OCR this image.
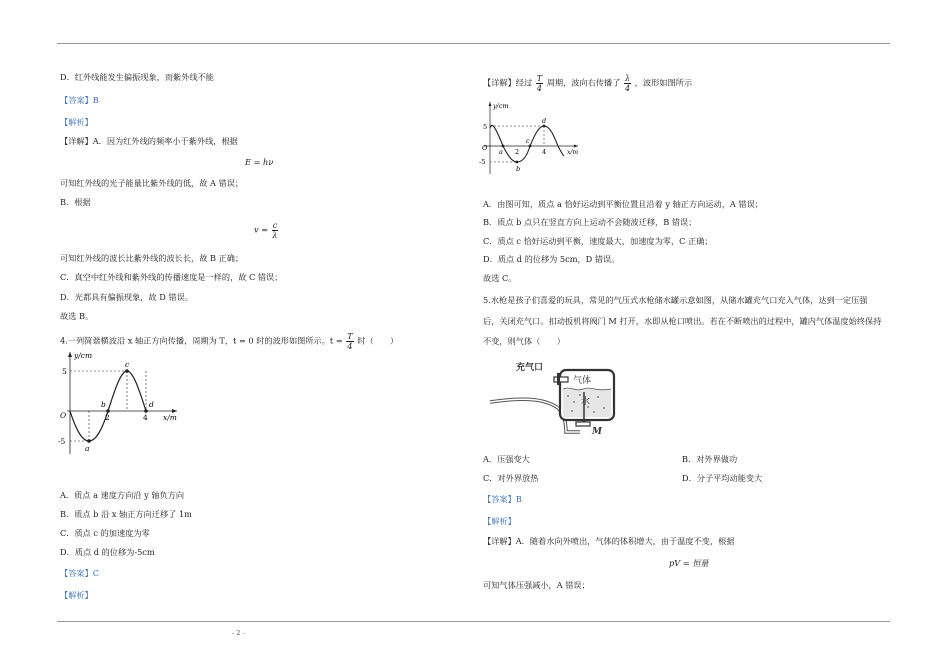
D．红外线能发生偏振现象，而紫外线不能
【答案】B
【解析】
【详解】A．因为红外线的频率小于紫外线，根据
E = hν
可知红外线的光子能量比紫外线的低，故 A 错误；
B．根据
$v = \frac{c}{\lambda}$
可知红外线的波长比紫外线的波长长，故 B 正确；
C．真空中红外线和紫外线的传播速度是一样的，故 C 错误；
D．光都具有偏振现象，故 D 错误。
故选 B。
4.一列简谐横波沿 x 轴正方向传播，周期为 T，t = 0 时的波形如图所示。$t = \frac{T}{4}$ 时（　　）
y/cm
x/m
O
5
-5
2	4
a
b
c
d
A．质点 a 速度方向沿 y 轴负方向
B．质点 b 沿 x 轴正方向迁移了 1m
C．质点 c 的加速度为零
D．质点 d 的位移为-5cm
【答案】C
【解析】
【详解】经过 $\frac{T}{4}$ 周期，波向右传播了 $\frac{\lambda}{4}$ ，波形如图所示
y/cm
x/m
O
5
-5
2	4
a
b
c
d
A．由图可知，质点 a 恰好运动到平衡位置且沿着 y 轴正方向运动，A 错误；
B．质点 b 点只在竖直方向上运动不会随波迁移，B 错误；
C．质点 c 恰好运动到平衡，速度最大，加速度为零，C 正确；
D．质点 d 的位移为 5cm，D 错误。
故选 C。
5.水枪是孩子们喜爱的玩具，常见的气压式水枪储水罐示意如图，从储水罐充气口充入气体，达到一定压强
后，关闭充气口。扣动扳机将阀门 M 打开，水即从枪口喷出。若在不断喷出的过程中，罐内气体温度始终保持
不变，则气体（　　）
充气口
气体
水
M
A．压强变大	B．对外界做功
C．对外界放热	D．分子平均动能变大
【答案】B
【解析】
【详解】A．随着水向外喷出，气体的体积增大，由于温度不变，根据
pV = 恒量
可知气体压强减小，A 错误；
- 2 -
